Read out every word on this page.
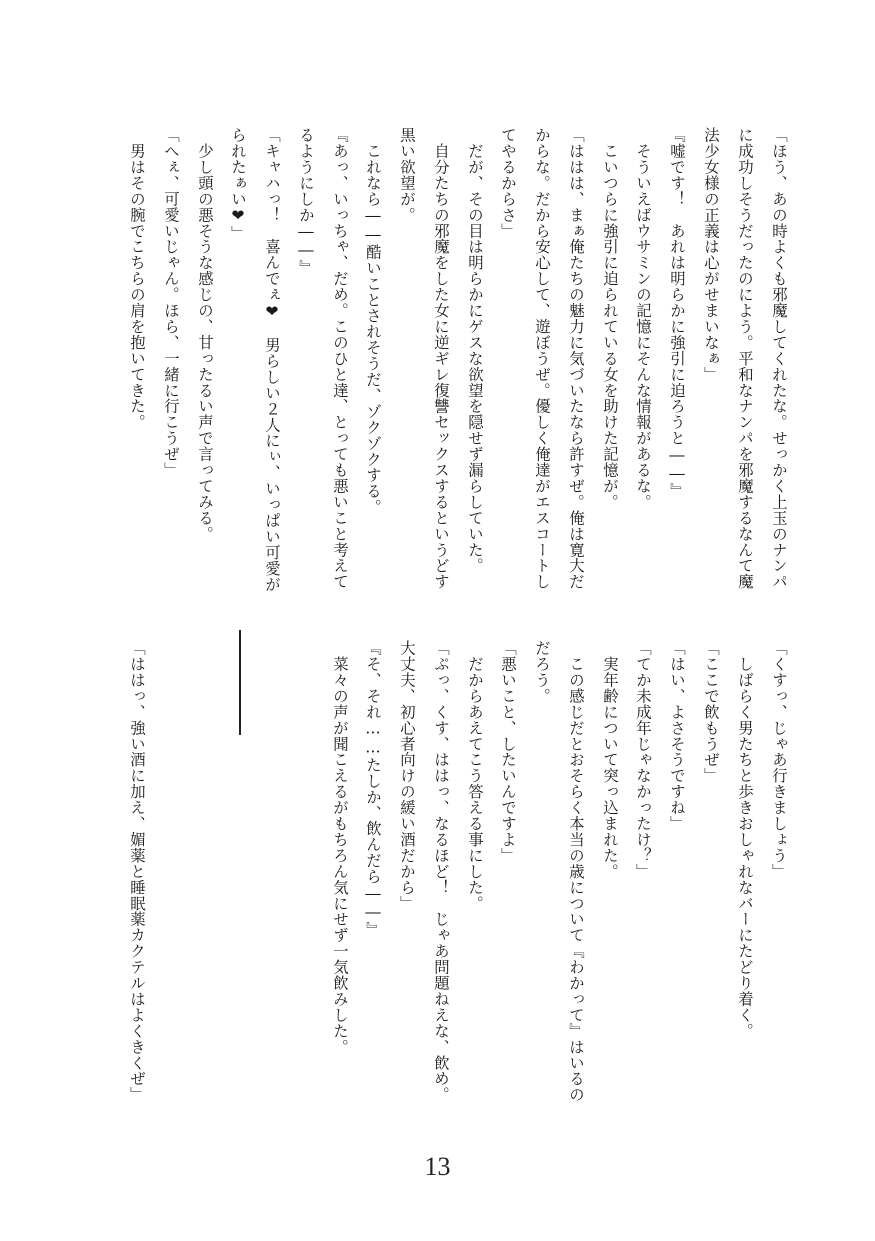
「ほう、あの時よくも邪魔してくれたな。せっかく上玉のナンパ
に成功しそうだったのによう。平和なナンパを邪魔するなんて魔
法少女様の正義は心がせまいなぁ」
『嘘です！　あれは明らかに強引に迫ろうと――』
　そういえばウサミンの記憶にそんな情報があるな。
　こいつらに強引に迫られている女を助けた記憶が。
「ははは、まぁ俺たちの魅力に気づいたなら許すぜ。俺は寛大だ
からな。だから安心して、遊ぼうぜ。優しく俺達がエスコートし
てやるからさ」
　だが、その目は明らかにゲスな欲望を隠せず漏らしていた。
　自分たちの邪魔をした女に逆ギレ復讐セックスするというどす
黒い欲望が。
　これなら――酷いことされそうだ、ゾクゾクする。
『あっ、いっちゃ、だめ。このひと達、とっても悪いこと考えて
るようにしか――』
「キャハっ！　喜んでぇ❤　男らしい２人にぃ、いっぱい可愛が
られたぁい❤」
　少し頭の悪そうな感じの、甘ったるい声で言ってみる。
「へぇ、可愛いじゃん。ほら、一緒に行こうぜ」
　男はその腕でこちらの肩を抱いてきた。
「くすっ、じゃあ行きましょう」
　しばらく男たちと歩きおしゃれなバーにたどり着く。
「ここで飲もうぜ」
「はい、よさそうですね」
「てか未成年じゃなかったけ？」
　実年齢について突っ込まれた。
　この感じだとおそらく本当の歳について『わかって』はいるの
だろう。
「悪いこと、したいんですよ」
　だからあえてこう答える事にした。
「ぷっ、くす、ははっ、なるほど！　じゃあ問題ねえな、飲め。
大丈夫、初心者向けの緩い酒だから」
『そ、それ……たしか、飲んだら――』
　菜々の声が聞こえるがもちろん気にせず一気飲みした。
「ははっ、強い酒に加え、媚薬と睡眠薬カクテルはよくきくぜ」
13
